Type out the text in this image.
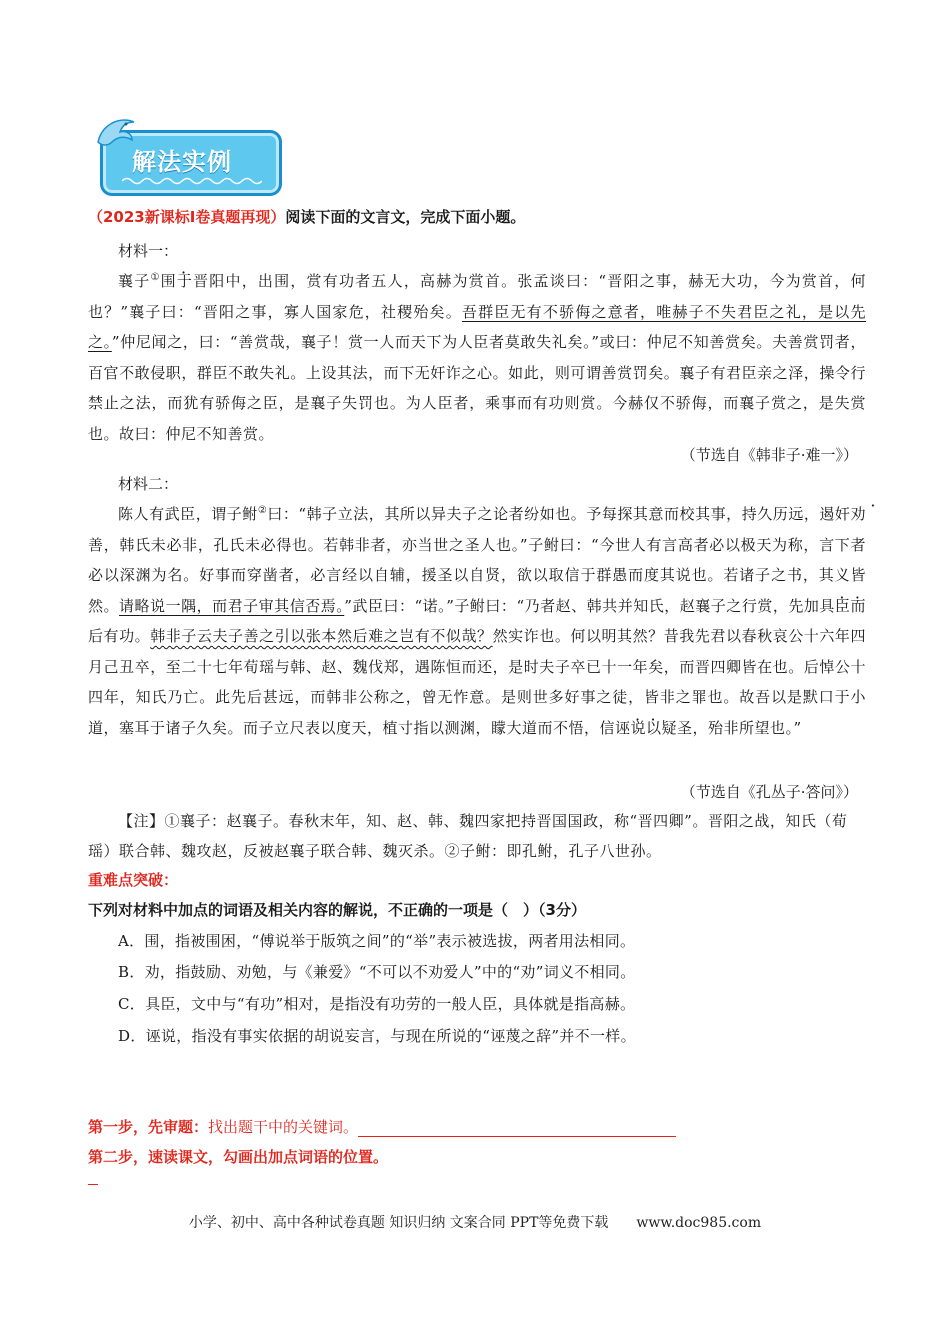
解法实例
（2023新课标I卷真题再现）阅读下面的文言文，完成下面小题。
材料一：
襄子①围于晋阳中，出围，赏有功者五人，高赫为赏首。张孟谈曰：“晋阳之事，赫无大功，今为赏首，何也？”襄子曰：“晋阳之事，寡人国家危，社稷殆矣。吾群臣无有不骄侮之意者，唯赫子不失君臣之礼，是以先之。”仲尼闻之，曰：“善赏哉，襄子！赏一人而天下为人臣者莫敢失礼矣。”或曰：仲尼不知善赏矣。夫善赏罚者，百官不敢侵职，群臣不敢失礼。上设其法，而下无奸诈之心。如此，则可谓善赏罚矣。襄子有君臣亲之泽，操令行禁止之法，而犹有骄侮之臣，是襄子失罚也。为人臣者，乘事而有功则赏。今赫仅不骄侮，而襄子赏之，是失赏也。故曰：仲尼不知善赏。
（节选自《韩非子·难一》）
材料二：
陈人有武臣，谓子鲋②曰：“韩子立法，其所以异夫子之论者纷如也。予每探其意而校其事，持久历远，遏奸劝善，韩氏未必非，孔氏未必得也。若韩非者，亦当世之圣人也。”子鲋曰：“今世人有言高者必以极天为称，言下者必以深渊为名。好事而穿凿者，必言经以自辅，援圣以自贤，欲以取信于群愚而度其说也。若诸子之书，其义皆然。请略说一隅，而君子审其信否焉。”武臣曰：“诺。”子鲋曰：“乃者赵、韩共并知氏，赵襄子之行赏，先加具臣而后有功。韩非子云夫子善之引以张本然后难之岂有不似哉？然实诈也。何以明其然？昔我先君以春秋哀公十六年四月己丑卒，至二十七年荀瑶与韩、赵、魏伐郑，遇陈恒而还，是时夫子卒已十一年矣，而晋四卿皆在也。后悼公十四年，知氏乃亡。此先后甚远，而韩非公称之，曾无怍意。是则世多好事之徒，皆非之罪也。故吾以是默口于小道，塞耳于诸子久矣。而子立尺表以度天，植寸指以测渊，矇大道而不悟，信诬说以疑圣，殆非所望也。”
（节选自《孔丛子·答问》）
【注】①襄子：赵襄子。春秋末年，知、赵、韩、魏四家把持晋国国政，称“晋四卿”。晋阳之战，知氏（荀瑶）联合韩、魏攻赵，反被赵襄子联合韩、魏灭杀。②子鲋：即孔鲋，孔子八世孙。
重难点突破：
下列对材料中加点的词语及相关内容的解说，不正确的一项是（　）（3分）
A．围，指被围困，“傅说举于版筑之间”的“举”表示被选拔，两者用法相同。
B．劝，指鼓励、劝勉，与《兼爱》“不可以不劝爱人”中的“劝”词义不相同。
C．具臣，文中与“有功”相对，是指没有功劳的一般人臣，具体就是指高赫。
D．诬说，指没有事实依据的胡说妄言，与现在所说的“诬蔑之辞”并不一样。
第一步，先审题：找出题干中的关键词。
第二步，速读课文，勾画出加点词语的位置。
小学、初中、高中各种试卷真题 知识归纳 文案合同 PPT等免费下载　　www.doc985.com
